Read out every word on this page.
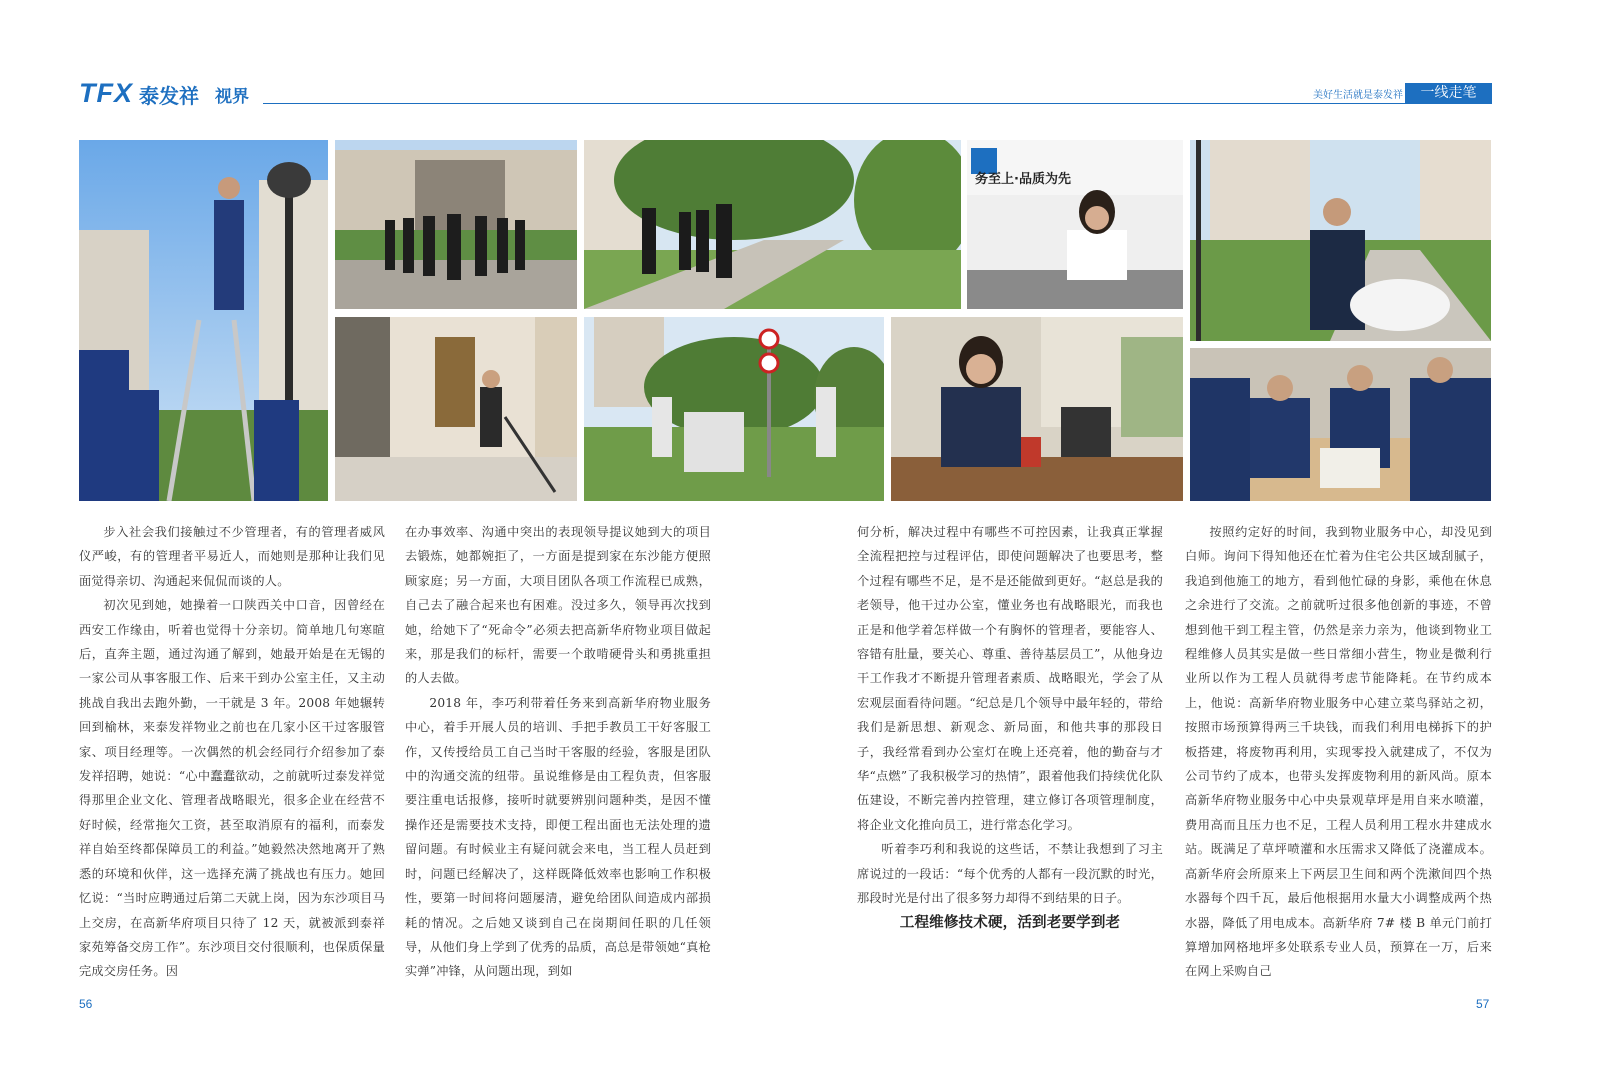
TFX 泰发祥 视界	美好生活就是泰发祥	一线走笔
务至上·品质为先

步入社会我们接触过不少管理者，有的管理者威风仪严峻，有的管理者平易近人，而她则是那种让我们见面觉得亲切、沟通起来侃侃而谈的人。

初次见到她，她操着一口陕西关中口音，因曾经在西安工作缘由，听着也觉得十分亲切。简单地几句寒暄后，直奔主题，通过沟通了解到，她最开始是在无锡的一家公司从事客服工作、后来干到办公室主任，又主动挑战自我出去跑外勤，一干就是 3 年。2008 年她辗转回到榆林，来泰发祥物业之前也在几家小区干过客服管家、项目经理等。一次偶然的机会经同行介绍参加了泰发祥招聘，她说：“心中蠢蠢欲动，之前就听过泰发祥觉得那里企业文化、管理者战略眼光，很多企业在经营不好时候，经常拖欠工资，甚至取消原有的福利，而泰发祥自始至终都保障员工的利益。”她毅然决然地离开了熟悉的环境和伙伴，这一选择充满了挑战也有压力。她回忆说：“当时应聘通过后第二天就上岗，因为东沙项目马上交房，在高新华府项目只待了 12 天，就被派到泰祥家苑筹备交房工作”。东沙项目交付很顺利，也保质保量完成交房任务。因

在办事效率、沟通中突出的表现领导提议她到大的项目去锻炼，她都婉拒了，一方面是提到家在东沙能方便照顾家庭；另一方面，大项目团队各项工作流程已成熟，自己去了融合起来也有困难。没过多久，领导再次找到她，给她下了“死命令”必须去把高新华府物业项目做起来，那是我们的标杆，需要一个敢啃硬骨头和勇挑重担的人去做。

2018 年，李巧利带着任务来到高新华府物业服务中心，着手开展人员的培训、手把手教员工干好客服工作，又传授给员工自己当时干客服的经验，客服是团队中的沟通交流的纽带。虽说维修是由工程负责，但客服要注重电话报修，接听时就要辨别问题种类，是因不懂操作还是需要技术支持，即便工程出面也无法处理的遗留问题。有时候业主有疑问就会来电，当工程人员赶到时，问题已经解决了，这样既降低效率也影响工作积极性，要第一时间将问题屡清，避免给团队间造成内部损耗的情况。之后她又谈到自己在岗期间任职的几任领导，从他们身上学到了优秀的品质，高总是带领她“真枪实弹”冲锋，从问题出现，到如

何分析，解决过程中有哪些不可控因素，让我真正掌握全流程把控与过程评估，即使问题解决了也要思考，整个过程有哪些不足，是不是还能做到更好。“赵总是我的老领导，他干过办公室，懂业务也有战略眼光，而我也正是和他学着怎样做一个有胸怀的管理者，要能容人、容错有肚量，要关心、尊重、善待基层员工”，从他身边干工作我才不断提升管理者素质、战略眼光，学会了从宏观层面看待问题。“纪总是几个领导中最年轻的，带给我们是新思想、新观念、新局面，和他共事的那段日子，我经常看到办公室灯在晚上还亮着，他的勤奋与才华“点燃”了我积极学习的热情”，跟着他我们持续优化队伍建设，不断完善内控管理，建立修订各项管理制度，将企业文化推向员工，进行常态化学习。

听着李巧利和我说的这些话，不禁让我想到了习主席说过的一段话：“每个优秀的人都有一段沉默的时光，那段时光是付出了很多努力却得不到结果的日子。

工程维修技术硬，活到老要学到老

按照约定好的时间，我到物业服务中心，却没见到白师。询问下得知他还在忙着为住宅公共区域刮腻子，我追到他施工的地方，看到他忙碌的身影，乘他在休息之余进行了交流。之前就听过很多他创新的事迹，不曾想到他干到工程主管，仍然是亲力亲为，他谈到物业工程维修人员其实是做一些日常细小营生，物业是微利行业所以作为工程人员就得考虑节能降耗。在节约成本上，他说：高新华府物业服务中心建立菜鸟驿站之初，按照市场预算得两三千块钱，而我们利用电梯拆下的护板搭建，将废物再利用，实现零投入就建成了，不仅为公司节约了成本，也带头发挥废物利用的新风尚。原本高新华府物业服务中心中央景观草坪是用自来水喷灌，费用高而且压力也不足，工程人员利用工程水井建成水站。既满足了草坪喷灌和水压需求又降低了浇灌成本。高新华府会所原来上下两层卫生间和两个洗漱间四个热水器每个四千瓦，最后他根据用水量大小调整成两个热水器，降低了用电成本。高新华府 7# 楼 B 单元门前打算增加网格地坪多处联系专业人员，预算在一万，后来在网上采购自己

56	57
